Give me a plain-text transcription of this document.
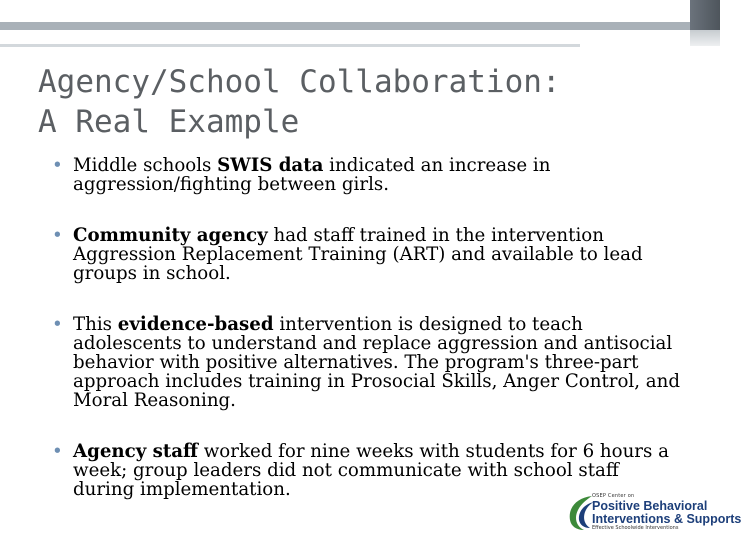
Agency/School Collaboration:
A Real Example
• Middle schools SWIS data indicated an increase in aggression/fighting between girls.
• Community agency had staff trained in the intervention Aggression Replacement Training (ART) and available to lead groups in school.
• This evidence-based intervention is designed to teach adolescents to understand and replace aggression and antisocial behavior with positive alternatives. The program's three-part approach includes training in Prosocial Skills, Anger Control, and Moral Reasoning.
• Agency staff worked for nine weeks with students for 6 hours a week; group leaders did not communicate with school staff during implementation.	OSEP Center on
Positive Behavioral
Interventions & Supports
Effective Schoolwide Interventions
